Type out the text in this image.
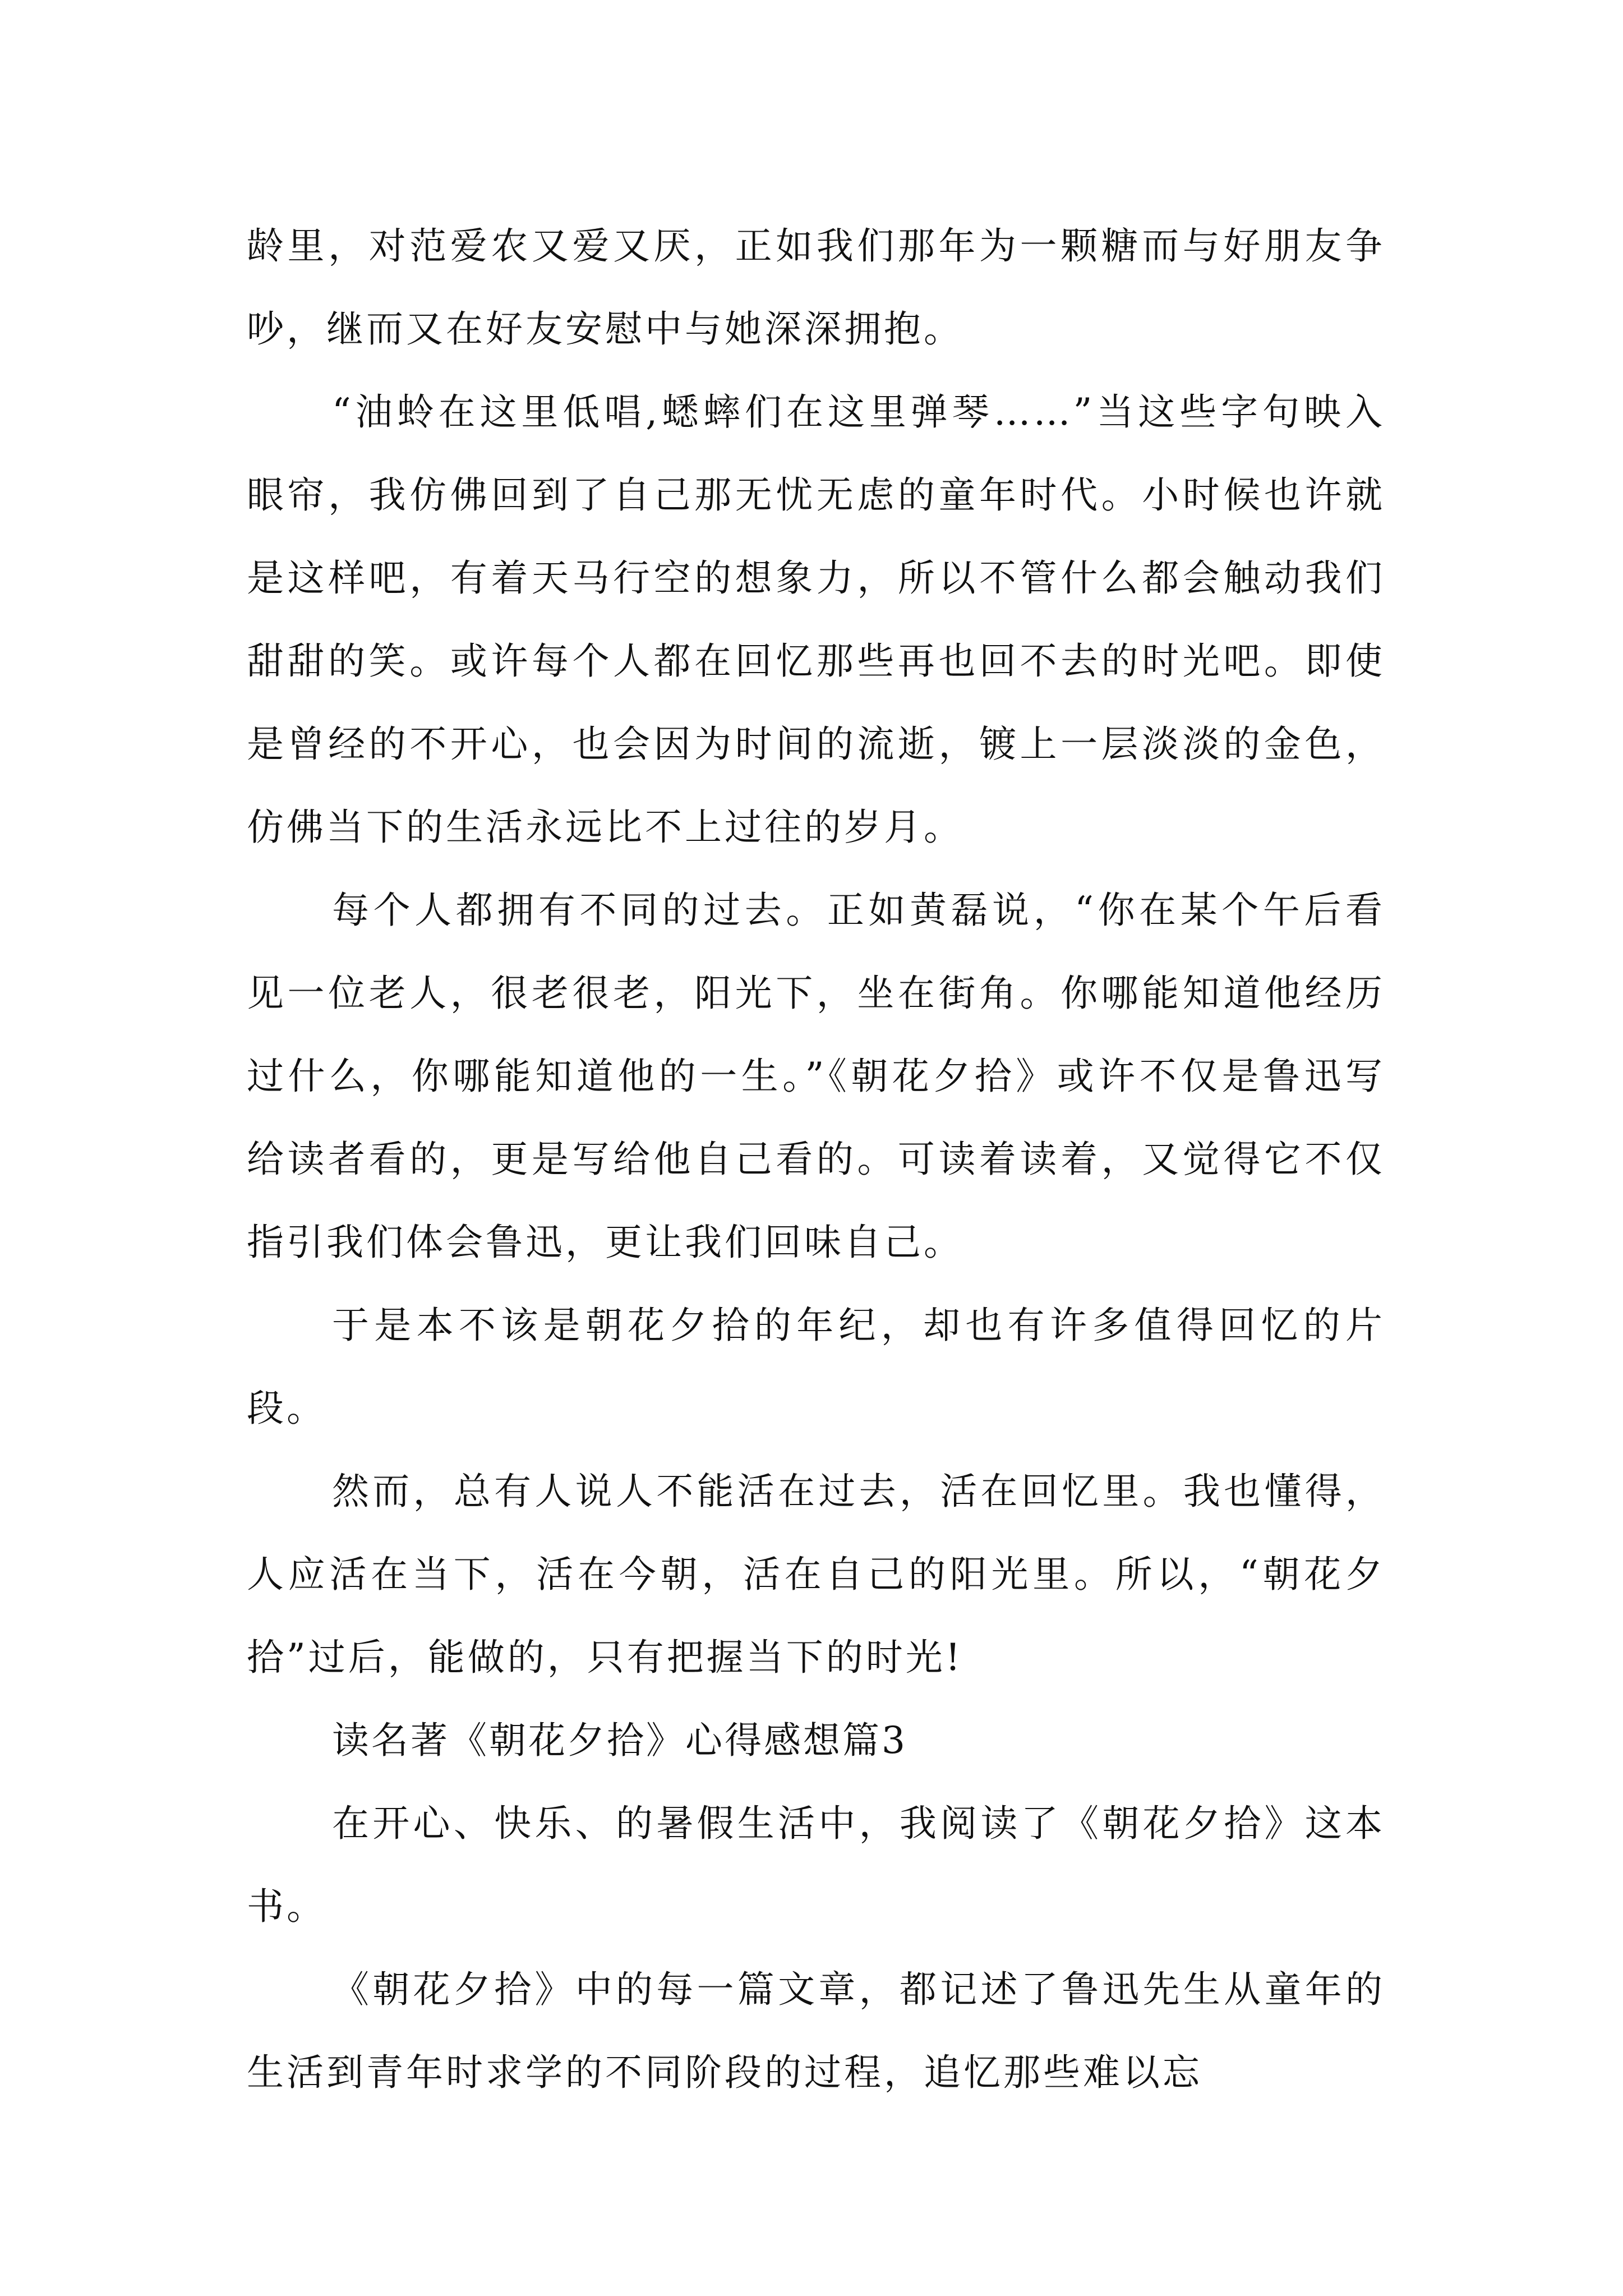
龄里，对范爱农又爱又厌，正如我们那年为一颗糖而与好朋友争吵，继而又在好友安慰中与她深深拥抱。

“油蛉在这里低唱,蟋蟀们在这里弹琴……”当这些字句映入眼帘，我仿佛回到了自己那无忧无虑的童年时代。小时候也许就是这样吧，有着天马行空的想象力，所以不管什么都会触动我们甜甜的笑。或许每个人都在回忆那些再也回不去的时光吧。即使是曾经的不开心，也会因为时间的流逝，镀上一层淡淡的金色，仿佛当下的生活永远比不上过往的岁月。

每个人都拥有不同的过去。正如黄磊说，“你在某个午后看见一位老人，很老很老，阳光下，坐在街角。你哪能知道他经历过什么，你哪能知道他的一生。”《朝花夕拾》或许不仅是鲁迅写给读者看的，更是写给他自己看的。可读着读着，又觉得它不仅指引我们体会鲁迅，更让我们回味自己。

于是本不该是朝花夕拾的年纪，却也有许多值得回忆的片段。

然而，总有人说人不能活在过去，活在回忆里。我也懂得，人应活在当下，活在今朝，活在自己的阳光里。所以，“朝花夕拾”过后，能做的，只有把握当下的时光!

读名著《朝花夕拾》心得感想篇3

在开心、快乐、的暑假生活中，我阅读了《朝花夕拾》这本书。

《朝花夕拾》中的每一篇文章，都记述了鲁迅先生从童年的生活到青年时求学的不同阶段的过程，追忆那些难以忘
